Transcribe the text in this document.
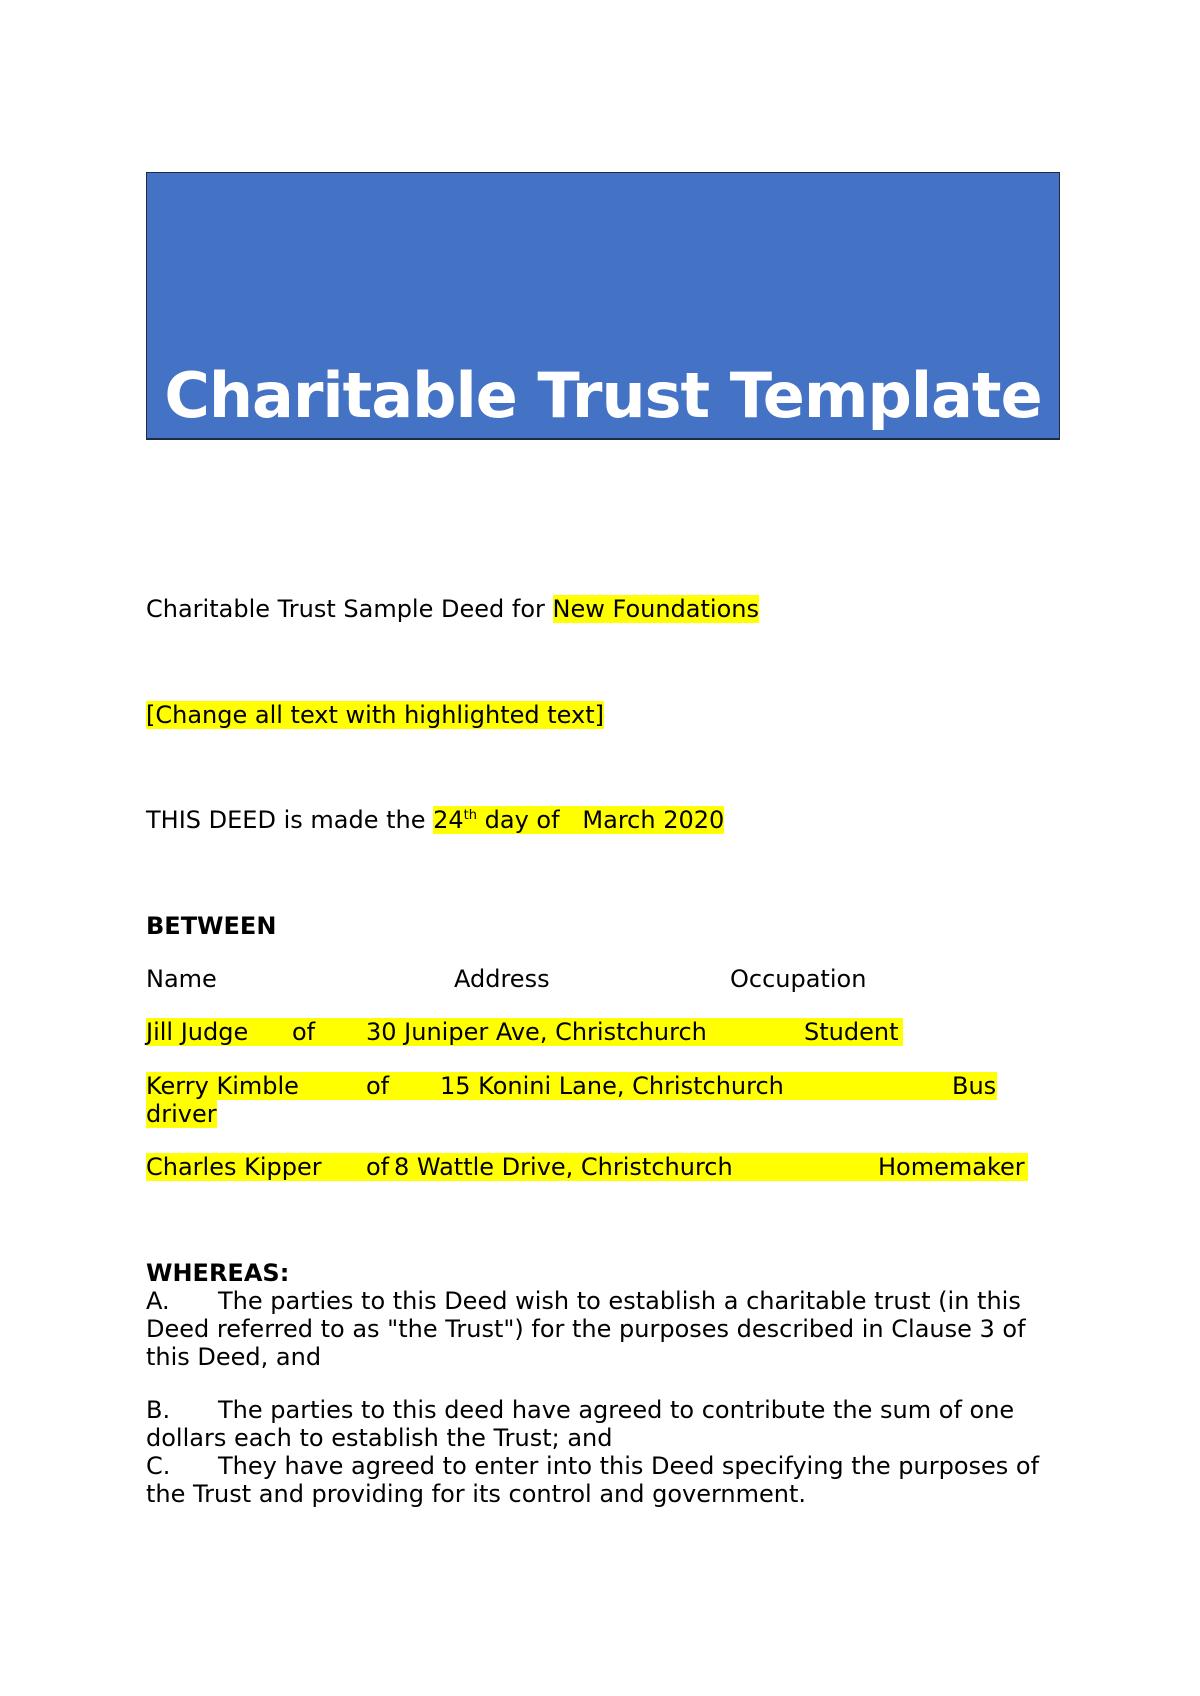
Charitable Trust Template
Charitable Trust Sample Deed for New Foundations
[Change all text with highlighted text]
THIS DEED is made the 24th day of   March 2020
BETWEEN
Name	Address	Occupation
Jill Judge of 30 Juniper Ave, Christchurch	Student
Kerry Kimble	of 15 Konini Lane, Christchurch	Bus
driver
Charles Kipper of 8 Wattle Drive, Christchurch	Homemaker
WHEREAS:
A. The parties to this Deed wish to establish a charitable trust (in this Deed referred to as "the Trust") for the purposes described in Clause 3 of this Deed, and
B. The parties to this deed have agreed to contribute the sum of one dollars each to establish the Trust; and
C. They have agreed to enter into this Deed specifying the purposes of the Trust and providing for its control and government.
